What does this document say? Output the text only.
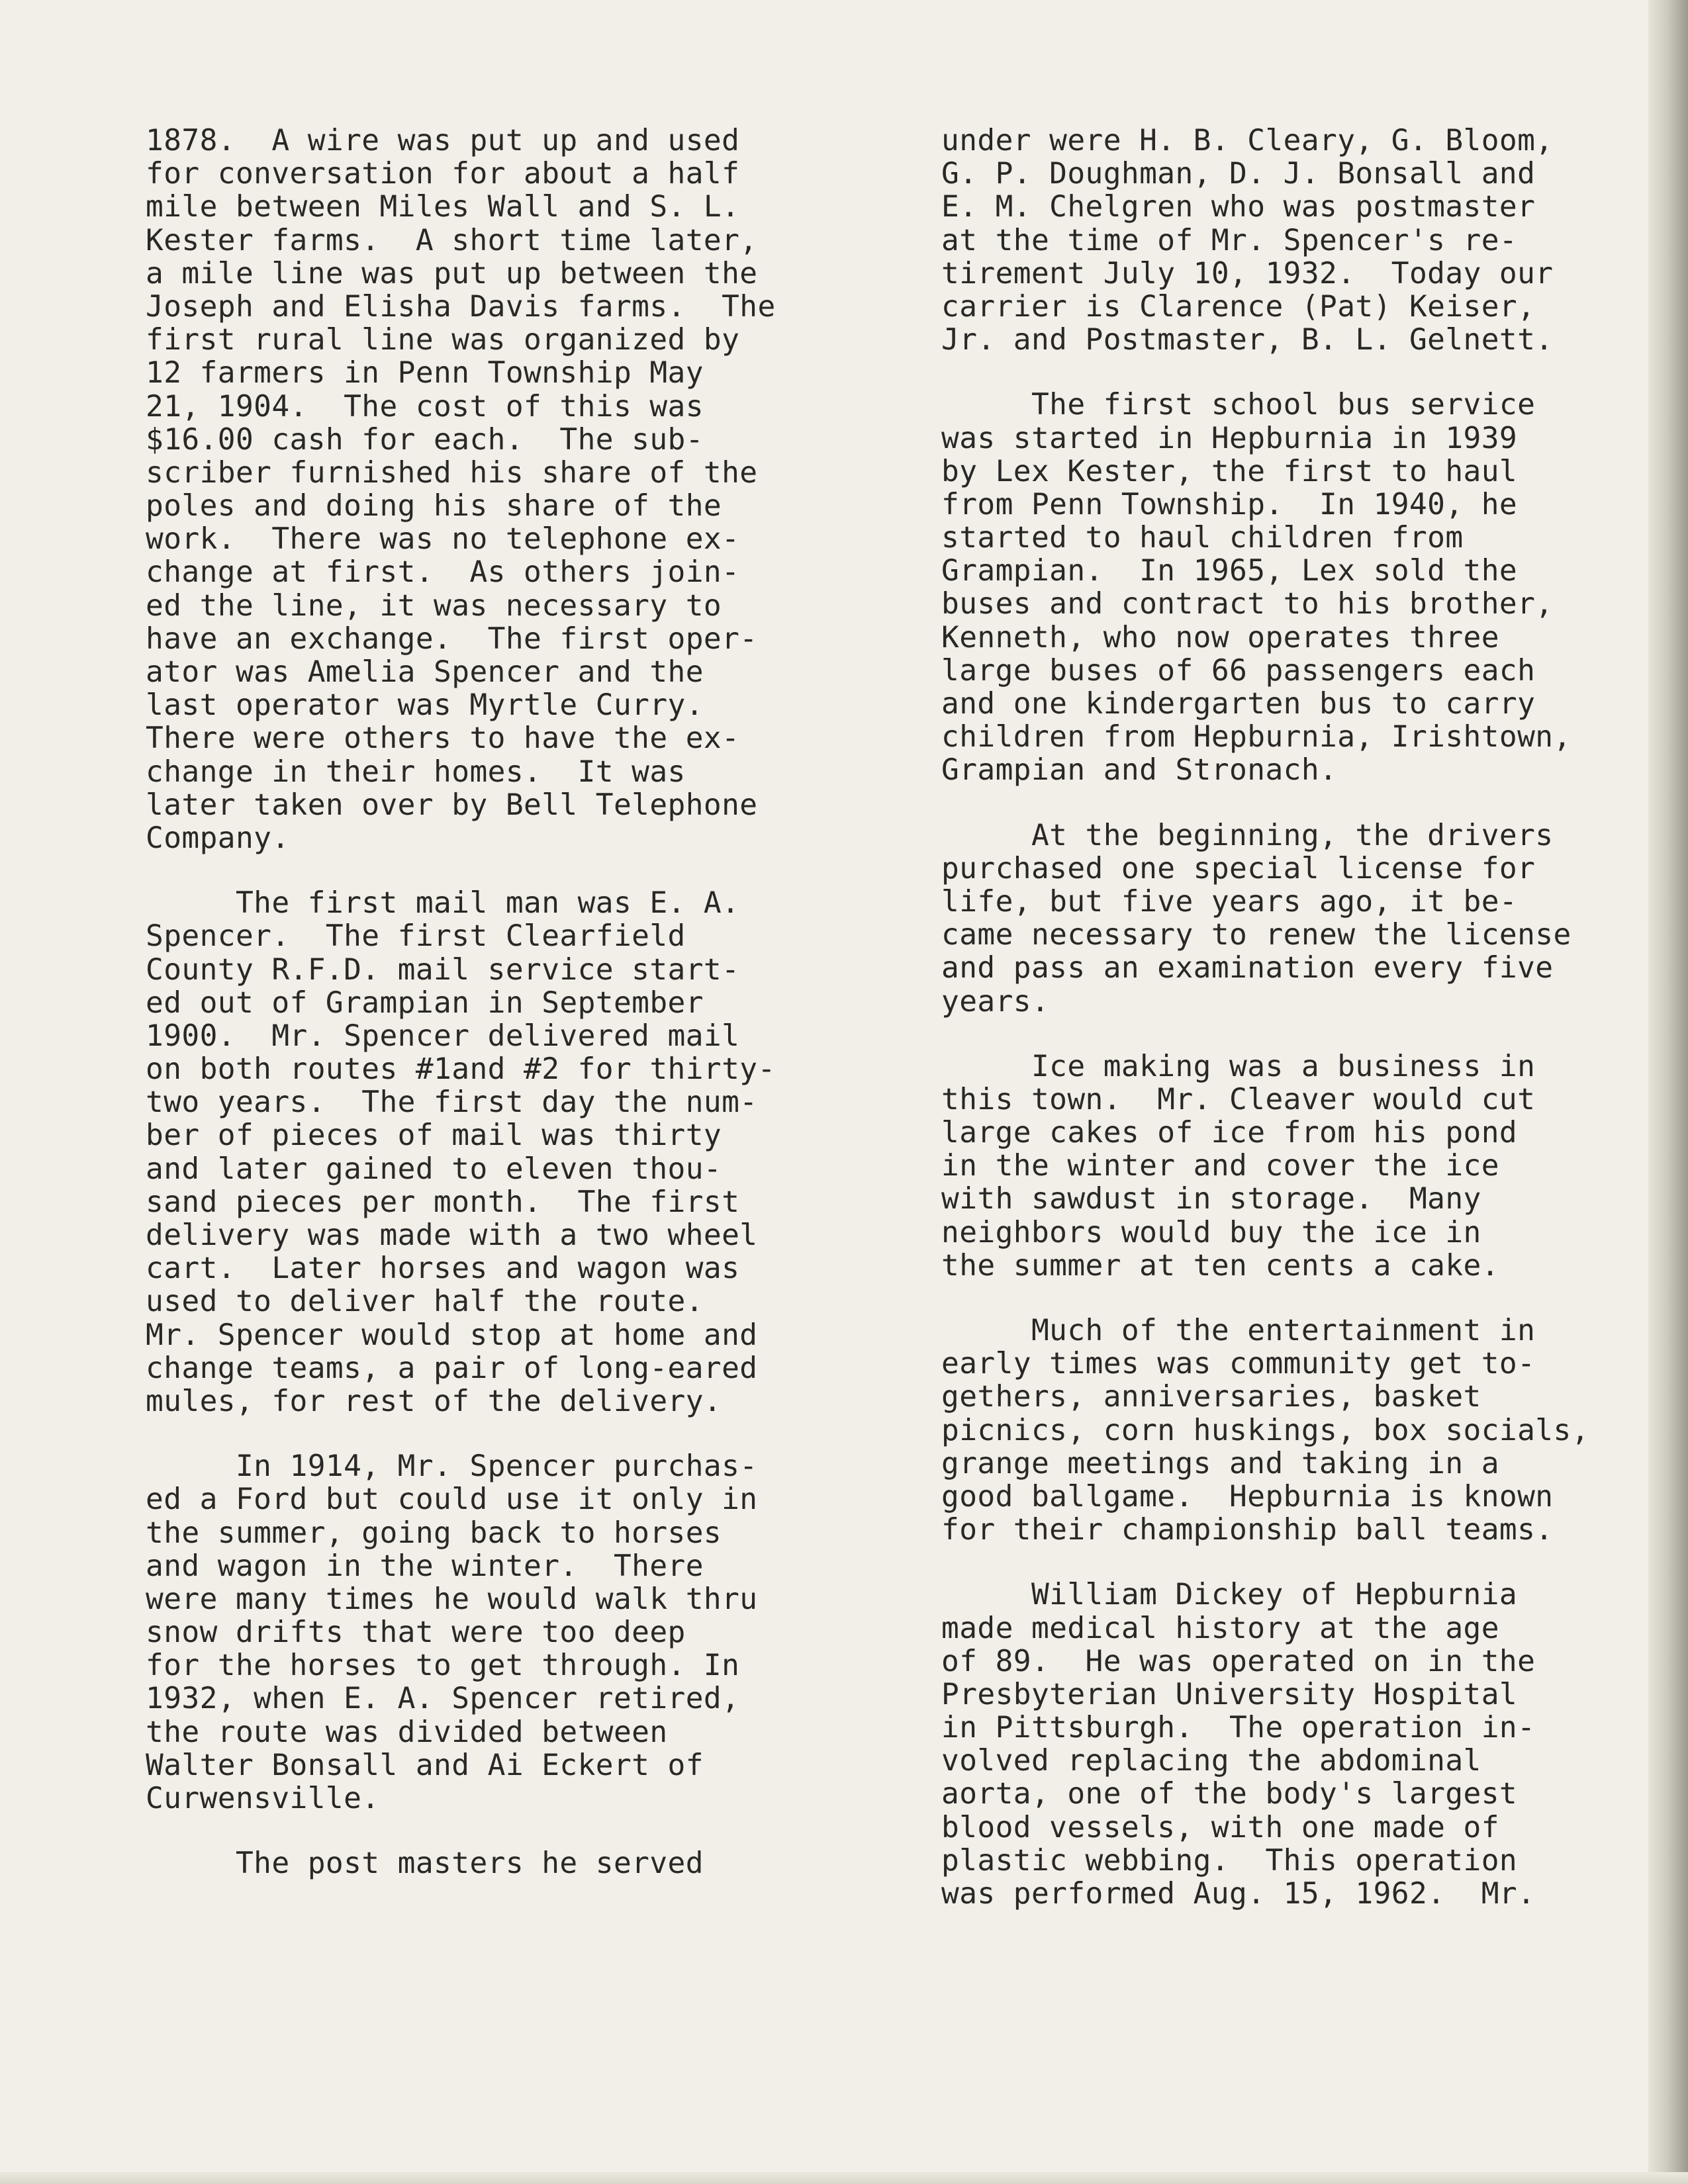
1878.  A wire was put up and used
for conversation for about a half
mile between Miles Wall and S. L.
Kester farms.  A short time later,
a mile line was put up between the
Joseph and Elisha Davis farms.  The
first rural line was organized by
12 farmers in Penn Township May
21, 1904.  The cost of this was
$16.00 cash for each.  The sub-
scriber furnished his share of the
poles and doing his share of the
work.  There was no telephone ex-
change at first.  As others join-
ed the line, it was necessary to
have an exchange.  The first oper-
ator was Amelia Spencer and the
last operator was Myrtle Curry.
There were others to have the ex-
change in their homes.  It was
later taken over by Bell Telephone
Company.
The first mail man was E. A.
Spencer.  The first Clearfield
County R.F.D. mail service start-
ed out of Grampian in September
1900.  Mr. Spencer delivered mail
on both routes #1and #2 for thirty-
two years.  The first day the num-
ber of pieces of mail was thirty
and later gained to eleven thou-
sand pieces per month.  The first
delivery was made with a two wheel
cart.  Later horses and wagon was
used to deliver half the route.
Mr. Spencer would stop at home and
change teams, a pair of long-eared
mules, for rest of the delivery.
In 1914, Mr. Spencer purchas-
ed a Ford but could use it only in
the summer, going back to horses
and wagon in the winter.  There
were many times he would walk thru
snow drifts that were too deep
for the horses to get through. In
1932, when E. A. Spencer retired,
the route was divided between
Walter Bonsall and Ai Eckert of
Curwensville.
The post masters he served
under were H. B. Cleary, G. Bloom,
G. P. Doughman, D. J. Bonsall and
E. M. Chelgren who was postmaster
at the time of Mr. Spencer's re-
tirement July 10, 1932.  Today our
carrier is Clarence (Pat) Keiser,
Jr. and Postmaster, B. L. Gelnett.
The first school bus service
was started in Hepburnia in 1939
by Lex Kester, the first to haul
from Penn Township.  In 1940, he
started to haul children from
Grampian.  In 1965, Lex sold the
buses and contract to his brother,
Kenneth, who now operates three
large buses of 66 passengers each
and one kindergarten bus to carry
children from Hepburnia, Irishtown,
Grampian and Stronach.
At the beginning, the drivers
purchased one special license for
life, but five years ago, it be-
came necessary to renew the license
and pass an examination every five
years.
Ice making was a business in
this town.  Mr. Cleaver would cut
large cakes of ice from his pond
in the winter and cover the ice
with sawdust in storage.  Many
neighbors would buy the ice in
the summer at ten cents a cake.
Much of the entertainment in
early times was community get to-
gethers, anniversaries, basket
picnics, corn huskings, box socials,
grange meetings and taking in a
good ballgame.  Hepburnia is known
for their championship ball teams.
William Dickey of Hepburnia
made medical history at the age
of 89.  He was operated on in the
Presbyterian University Hospital
in Pittsburgh.  The operation in-
volved replacing the abdominal
aorta, one of the body's largest
blood vessels, with one made of
plastic webbing.  This operation
was performed Aug. 15, 1962.  Mr.
